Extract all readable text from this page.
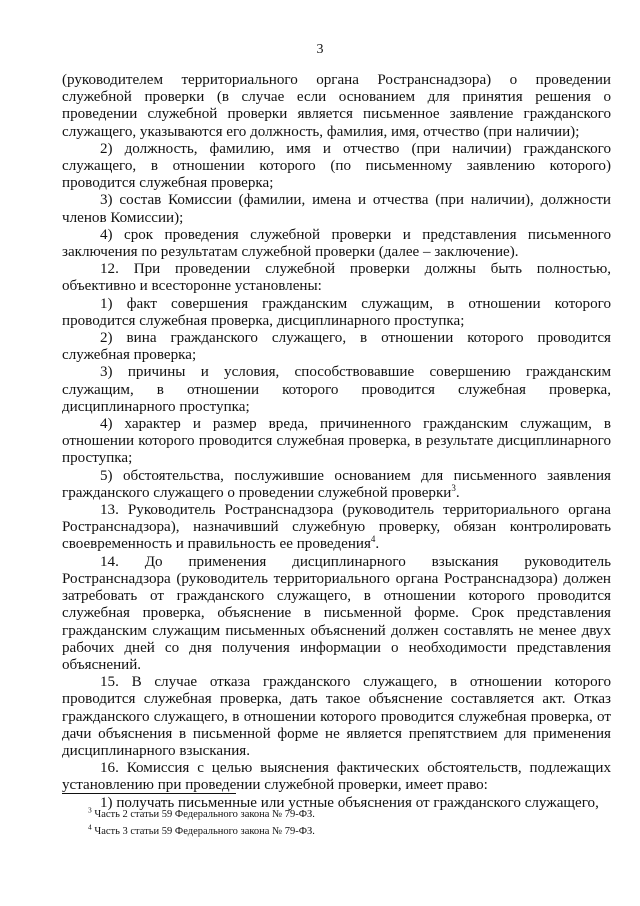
3

(руководителем территориального органа Ространснадзора) о проведении служебной проверки (в случае если основанием для принятия решения о проведении служебной проверки является письменное заявление гражданского служащего, указываются его должность, фамилия, имя, отчество (при наличии);

2) должность, фамилию, имя и отчество (при наличии) гражданского служащего, в отношении которого (по письменному заявлению которого) проводится служебная проверка;

3) состав Комиссии (фамилии, имена и отчества (при наличии), должности членов Комиссии);

4) срок проведения служебной проверки и представления письменного заключения по результатам служебной проверки (далее – заключение).

12. При проведении служебной проверки должны быть полностью, объективно и всесторонне установлены:

1) факт совершения гражданским служащим, в отношении которого проводится служебная проверка, дисциплинарного проступка;

2) вина гражданского служащего, в отношении которого проводится служебная проверка;

3) причины и условия, способствовавшие совершению гражданским служащим, в отношении которого проводится служебная проверка, дисциплинарного проступка;

4) характер и размер вреда, причиненного гражданским служащим, в отношении которого проводится служебная проверка, в результате дисциплинарного проступка;

5) обстоятельства, послужившие основанием для письменного заявления гражданского служащего о проведении служебной проверки$^3$.

13. Руководитель Ространснадзора (руководитель территориального органа Ространснадзора), назначивший служебную проверку, обязан контролировать своевременность и правильность ее проведения$^4$.

14. До применения дисциплинарного взыскания руководитель Ространснадзора (руководитель территориального органа Ространснадзора) должен затребовать от гражданского служащего, в отношении которого проводится служебная проверка, объяснение в письменной форме. Срок представления гражданским служащим письменных объяснений должен составлять не менее двух рабочих дней со дня получения информации о необходимости представления объяснений.

15. В случае отказа гражданского служащего, в отношении которого проводится служебная проверка, дать такое объяснение составляется акт. Отказ гражданского служащего, в отношении которого проводится служебная проверка, от дачи объяснения в письменной форме не является препятствием для применения дисциплинарного взыскания.

16. Комиссия с целью выяснения фактических обстоятельств, подлежащих установлению при проведении служебной проверки, имеет право:

1) получать письменные или устные объяснения от гражданского служащего,

$^3$ Часть 2 статьи 59 Федерального закона № 79-ФЗ.

$^4$ Часть 3 статьи 59 Федерального закона № 79-ФЗ.
